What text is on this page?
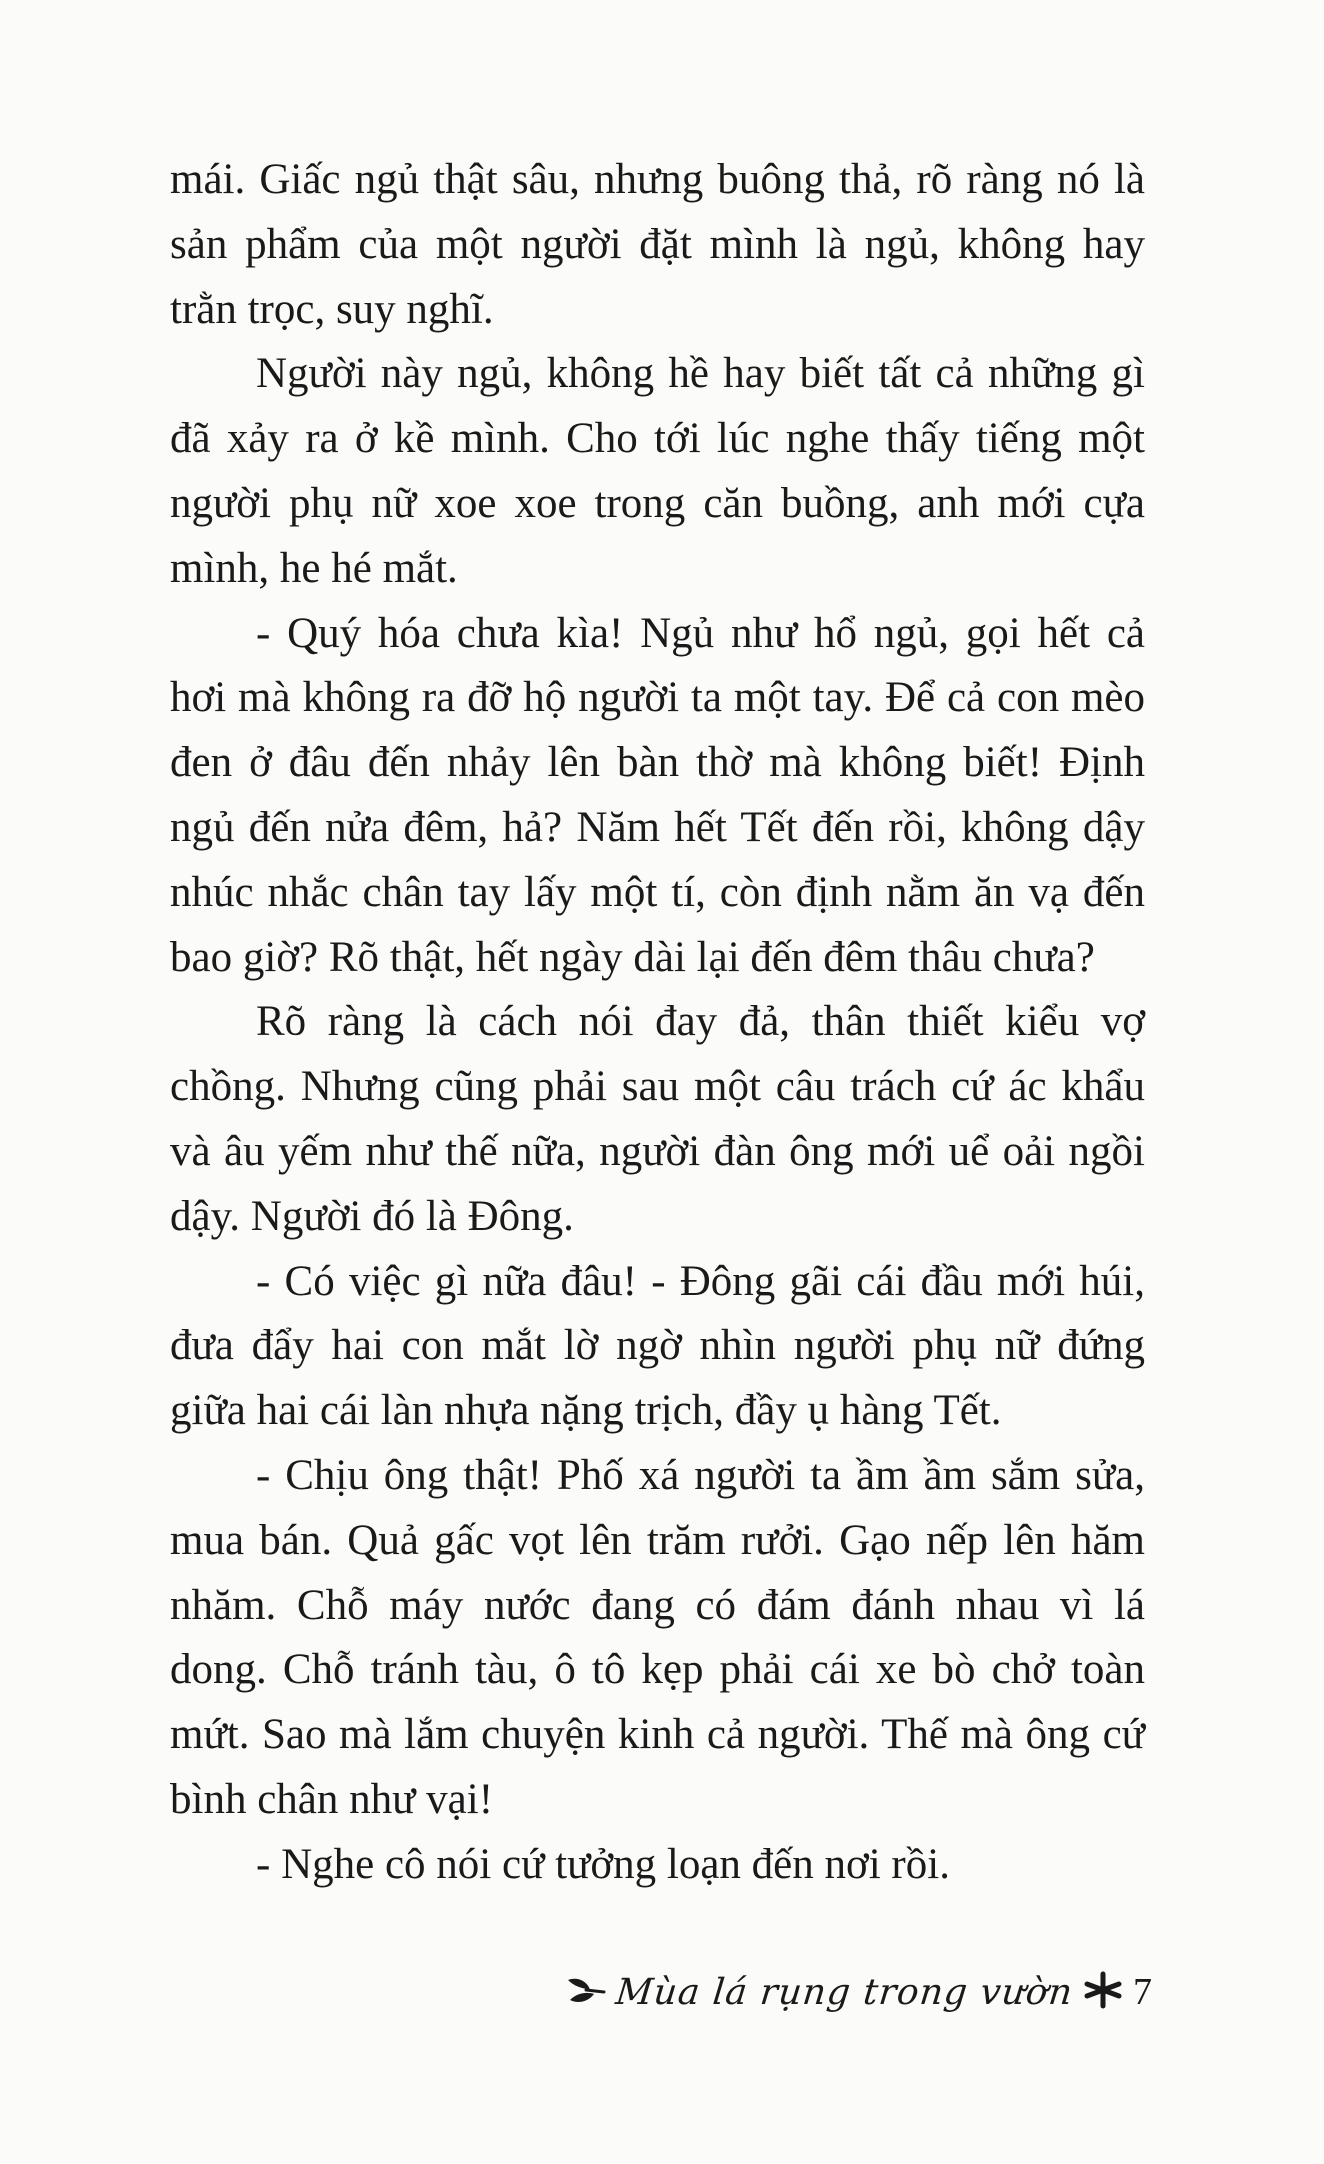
mái. Giấc ngủ thật sâu, nhưng buông thả, rõ ràng nó là sản phẩm của một người đặt mình là ngủ, không hay trằn trọc, suy nghĩ.

Người này ngủ, không hề hay biết tất cả những gì đã xảy ra ở kề mình. Cho tới lúc nghe thấy tiếng một người phụ nữ xoe xoe trong căn buồng, anh mới cựa mình, he hé mắt.

- Quý hóa chưa kìa! Ngủ như hổ ngủ, gọi hết cả hơi mà không ra đỡ hộ người ta một tay. Để cả con mèo đen ở đâu đến nhảy lên bàn thờ mà không biết! Định ngủ đến nửa đêm, hả? Năm hết Tết đến rồi, không dậy nhúc nhắc chân tay lấy một tí, còn định nằm ăn vạ đến bao giờ? Rõ thật, hết ngày dài lại đến đêm thâu chưa?

Rõ ràng là cách nói đay đả, thân thiết kiểu vợ chồng. Nhưng cũng phải sau một câu trách cứ ác khẩu và âu yếm như thế nữa, người đàn ông mới uể oải ngồi dậy. Người đó là Đông.

- Có việc gì nữa đâu! - Đông gãi cái đầu mới húi, đưa đẩy hai con mắt lờ ngờ nhìn người phụ nữ đứng giữa hai cái làn nhựa nặng trịch, đầy ụ hàng Tết.

- Chịu ông thật! Phố xá người ta ầm ầm sắm sửa, mua bán. Quả gấc vọt lên trăm rưởi. Gạo nếp lên hăm nhăm. Chỗ máy nước đang có đám đánh nhau vì lá dong. Chỗ tránh tàu, ô tô kẹp phải cái xe bò chở toàn mứt. Sao mà lắm chuyện kinh cả người. Thế mà ông cứ bình chân như vại!

- Nghe cô nói cứ tưởng loạn đến nơi rồi.

Mùa lá rụng trong vườn 7
